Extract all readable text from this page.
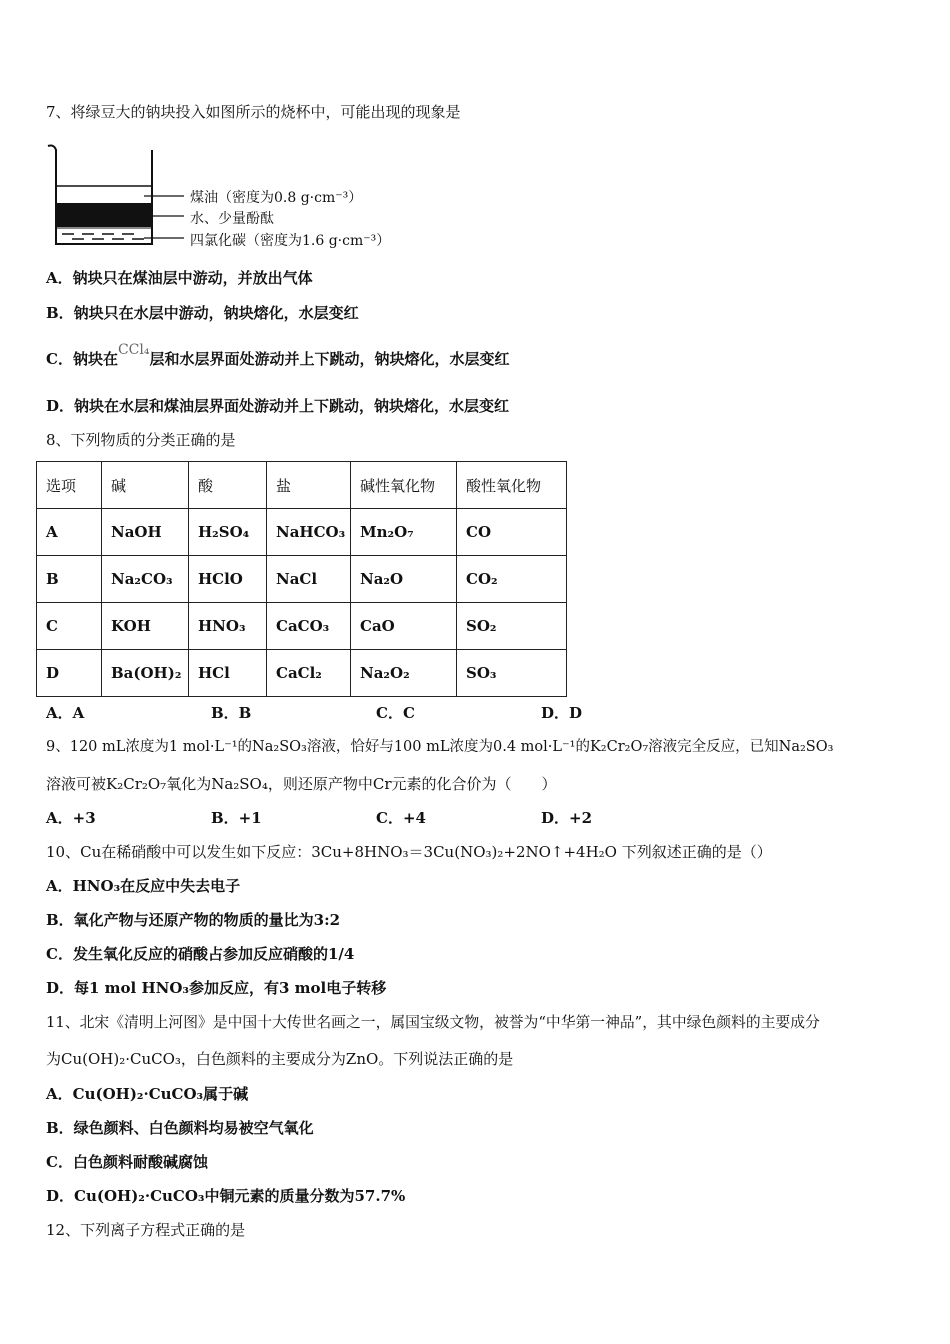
7、将绿豆大的钠块投入如图所示的烧杯中，可能出现的现象是
煤油（密度为0.8 g·cm⁻³）
水、少量酚酞
四氯化碳（密度为1.6 g·cm⁻³）
A．钠块只在煤油层中游动，并放出气体
B．钠块只在水层中游动，钠块熔化，水层变红
C．钠块在CCl₄层和水层界面处游动并上下跳动，钠块熔化，水层变红
D．钠块在水层和煤油层界面处游动并上下跳动，钠块熔化，水层变红
8、下列物质的分类正确的是
选项	碱	酸	盐	碱性氧化物	酸性氧化物
A	NaOH	H₂SO₄	NaHCO₃	Mn₂O₇	CO
B	Na₂CO₃	HClO	NaCl	Na₂O	CO₂
C	KOH	HNO₃	CaCO₃	CaO	SO₂
D	Ba(OH)₂	HCl	CaCl₂	Na₂O₂	SO₃
A．A	B．B	C．C	D．D
9、120 mL浓度为1 mol·L⁻¹的Na₂SO₃溶液，恰好与100 mL浓度为0.4 mol·L⁻¹的K₂Cr₂O₇溶液完全反应，已知Na₂SO₃
溶液可被K₂Cr₂O₇氧化为Na₂SO₄，则还原产物中Cr元素的化合价为（　　）
A．+3	B．+1	C．+4	D．+2
10、Cu在稀硝酸中可以发生如下反应：3Cu+8HNO₃＝3Cu(NO₃)₂+2NO↑+4H₂O 下列叙述正确的是（）
A．HNO₃在反应中失去电子
B．氧化产物与还原产物的物质的量比为3:2
C．发生氧化反应的硝酸占参加反应硝酸的1/4
D．每1 mol HNO₃参加反应，有3 mol电子转移
11、北宋《清明上河图》是中国十大传世名画之一，属国宝级文物，被誉为“中华第一神品”，其中绿色颜料的主要成分
为Cu(OH)₂·CuCO₃，白色颜料的主要成分为ZnO。下列说法正确的是
A．Cu(OH)₂·CuCO₃属于碱
B．绿色颜料、白色颜料均易被空气氧化
C．白色颜料耐酸碱腐蚀
D．Cu(OH)₂·CuCO₃中铜元素的质量分数为57.7%
12、下列离子方程式正确的是
